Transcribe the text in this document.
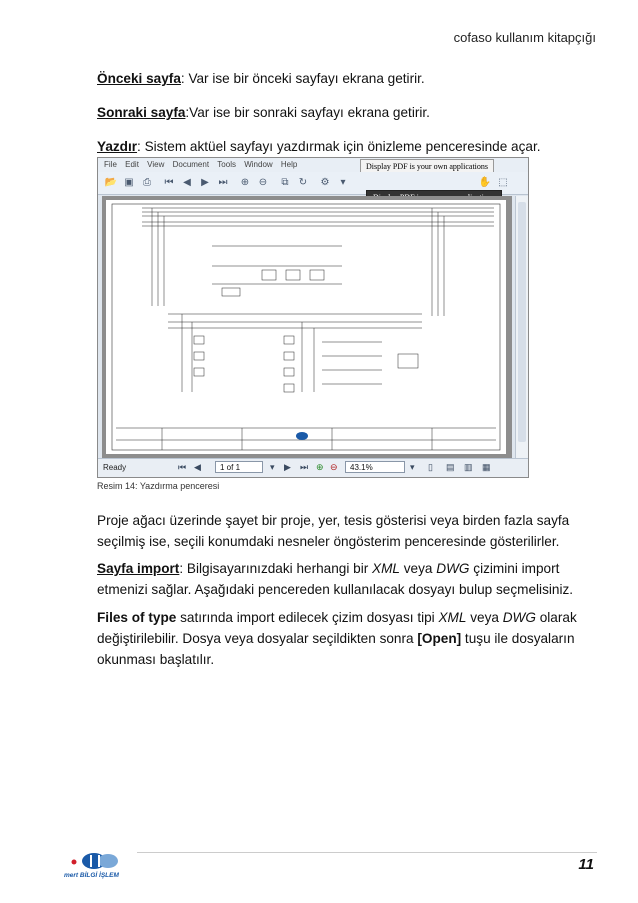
cofaso kullanım kitapçığı
Önceki sayfa: Var ise bir önceki sayfayı ekrana getirir.
Sonraki sayfa:Var ise bir sonraki sayfayı ekrana getirir.
Yazdır: Sistem aktüel sayfayı yazdırmak için önizleme penceresinde açar.
File Edit View Document Tools Window Help	Display PDF is your own applications
📂 ▣ ⎙	⏮ ◀	▶ ⏭ ⊕ ⊖	⧉	↻ ⚙	▾	✋ ⬚
Ready	⏮ ◀	1 of 1	▾ ▶ ⏭ ⊕ ⊖	43.1%	▾ ▯ ▤ ▥ ▦
Resim 14: Yazdırma penceresi
Proje ağacı üzerinde şayet bir proje, yer, tesis gösterisi veya birden fazla sayfa seçilmiş ise, seçili konumdaki nesneler öngösterim penceresinde gösterilirler.
Sayfa import: Bilgisayarınızdaki herhangi bir XML veya DWG çizimini import etmenizi sağlar. Aşağıdaki pencereden kullanılacak dosyayı bulup seçmelisiniz.
Files of type satırında import edilecek çizim dosyası tipi XML veya DWG olarak değiştirilebilir. Dosya veya dosyalar seçildikten sonra [Open] tuşu ile dosyaların okunması başlatılır.
mert BİLGİ İŞLEM
11
